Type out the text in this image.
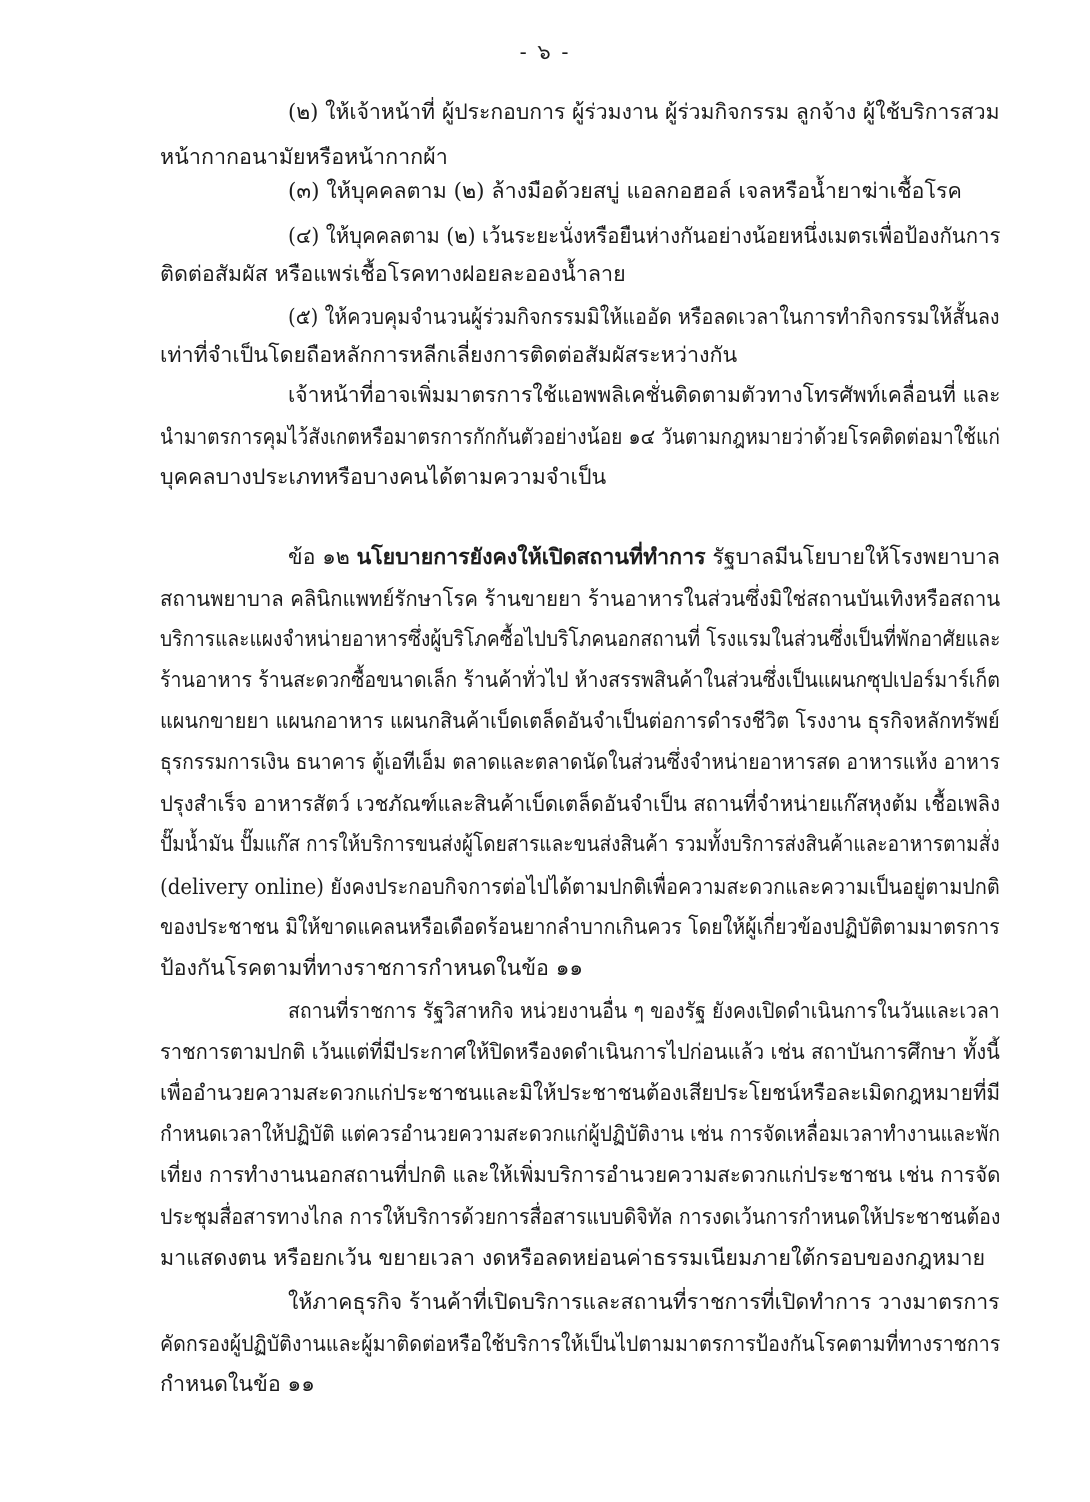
- ๖ -
(๒) ให้เจ้าหน้าที่ ผู้ประกอบการ ผู้ร่วมงาน ผู้ร่วมกิจกรรม ลูกจ้าง ผู้ใช้บริการสวม
หน้ากากอนามัยหรือหน้ากากผ้า
(๓) ให้บุคคลตาม (๒) ล้างมือด้วยสบู่ แอลกอฮอล์ เจลหรือน้ำยาฆ่าเชื้อโรค
(๔) ให้บุคคลตาม (๒) เว้นระยะนั่งหรือยืนห่างกันอย่างน้อยหนึ่งเมตรเพื่อป้องกันการ
ติดต่อสัมผัส หรือแพร่เชื้อโรคทางฝอยละอองน้ำลาย
(๕) ให้ควบคุมจำนวนผู้ร่วมกิจกรรมมิให้แออัด หรือลดเวลาในการทำกิจกรรมให้สั้นลง
เท่าที่จำเป็นโดยถือหลักการหลีกเลี่ยงการติดต่อสัมผัสระหว่างกัน
เจ้าหน้าที่อาจเพิ่มมาตรการใช้แอพพลิเคชั่นติดตามตัวทางโทรศัพท์เคลื่อนที่ และ
นำมาตรการคุมไว้สังเกตหรือมาตรการกักกันตัวอย่างน้อย ๑๔ วันตามกฎหมายว่าด้วยโรคติดต่อมาใช้แก่
บุคคลบางประเภทหรือบางคนได้ตามความจำเป็น
ข้อ ๑๒ นโยบายการยังคงให้เปิดสถานที่ทำการ รัฐบาลมีนโยบายให้โรงพยาบาล
สถานพยาบาล คลินิกแพทย์รักษาโรค ร้านขายยา ร้านอาหารในส่วนซึ่งมิใช่สถานบันเทิงหรือสถาน
บริการและแผงจำหน่ายอาหารซึ่งผู้บริโภคซื้อไปบริโภคนอกสถานที่ โรงแรมในส่วนซึ่งเป็นที่พักอาศัยและ
ร้านอาหาร ร้านสะดวกซื้อขนาดเล็ก ร้านค้าทั่วไป ห้างสรรพสินค้าในส่วนซึ่งเป็นแผนกซุปเปอร์มาร์เก็ต
แผนกขายยา แผนกอาหาร แผนกสินค้าเบ็ดเตล็ดอันจำเป็นต่อการดำรงชีวิต โรงงาน ธุรกิจหลักทรัพย์
ธุรกรรมการเงิน ธนาคาร ตู้เอทีเอ็ม ตลาดและตลาดนัดในส่วนซึ่งจำหน่ายอาหารสด อาหารแห้ง อาหาร
ปรุงสำเร็จ อาหารสัตว์ เวชภัณฑ์และสินค้าเบ็ดเตล็ดอันจำเป็น สถานที่จำหน่ายแก๊สหุงต้ม เชื้อเพลิง
ปั๊มน้ำมัน ปั๊มแก๊ส การให้บริการขนส่งผู้โดยสารและขนส่งสินค้า รวมทั้งบริการส่งสินค้าและอาหารตามสั่ง
(delivery online) ยังคงประกอบกิจการต่อไปได้ตามปกติเพื่อความสะดวกและความเป็นอยู่ตามปกติ
ของประชาชน มิให้ขาดแคลนหรือเดือดร้อนยากลำบากเกินควร โดยให้ผู้เกี่ยวข้องปฏิบัติตามมาตรการ
ป้องกันโรคตามที่ทางราชการกำหนดในข้อ ๑๑
สถานที่ราชการ รัฐวิสาหกิจ หน่วยงานอื่น ๆ ของรัฐ ยังคงเปิดดำเนินการในวันและเวลา
ราชการตามปกติ เว้นแต่ที่มีประกาศให้ปิดหรืองดดำเนินการไปก่อนแล้ว เช่น สถาบันการศึกษา ทั้งนี้
เพื่ออำนวยความสะดวกแก่ประชาชนและมิให้ประชาชนต้องเสียประโยชน์หรือละเมิดกฎหมายที่มี
กำหนดเวลาให้ปฏิบัติ แต่ควรอำนวยความสะดวกแก่ผู้ปฏิบัติงาน เช่น การจัดเหลื่อมเวลาทำงานและพัก
เที่ยง การทำงานนอกสถานที่ปกติ และให้เพิ่มบริการอำนวยความสะดวกแก่ประชาชน เช่น การจัด
ประชุมสื่อสารทางไกล การให้บริการด้วยการสื่อสารแบบดิจิทัล การงดเว้นการกำหนดให้ประชาชนต้อง
มาแสดงตน หรือยกเว้น ขยายเวลา งดหรือลดหย่อนค่าธรรมเนียมภายใต้กรอบของกฎหมาย
ให้ภาคธุรกิจ ร้านค้าที่เปิดบริการและสถานที่ราชการที่เปิดทำการ วางมาตรการ
คัดกรองผู้ปฏิบัติงานและผู้มาติดต่อหรือใช้บริการให้เป็นไปตามมาตรการป้องกันโรคตามที่ทางราชการ
กำหนดในข้อ ๑๑
